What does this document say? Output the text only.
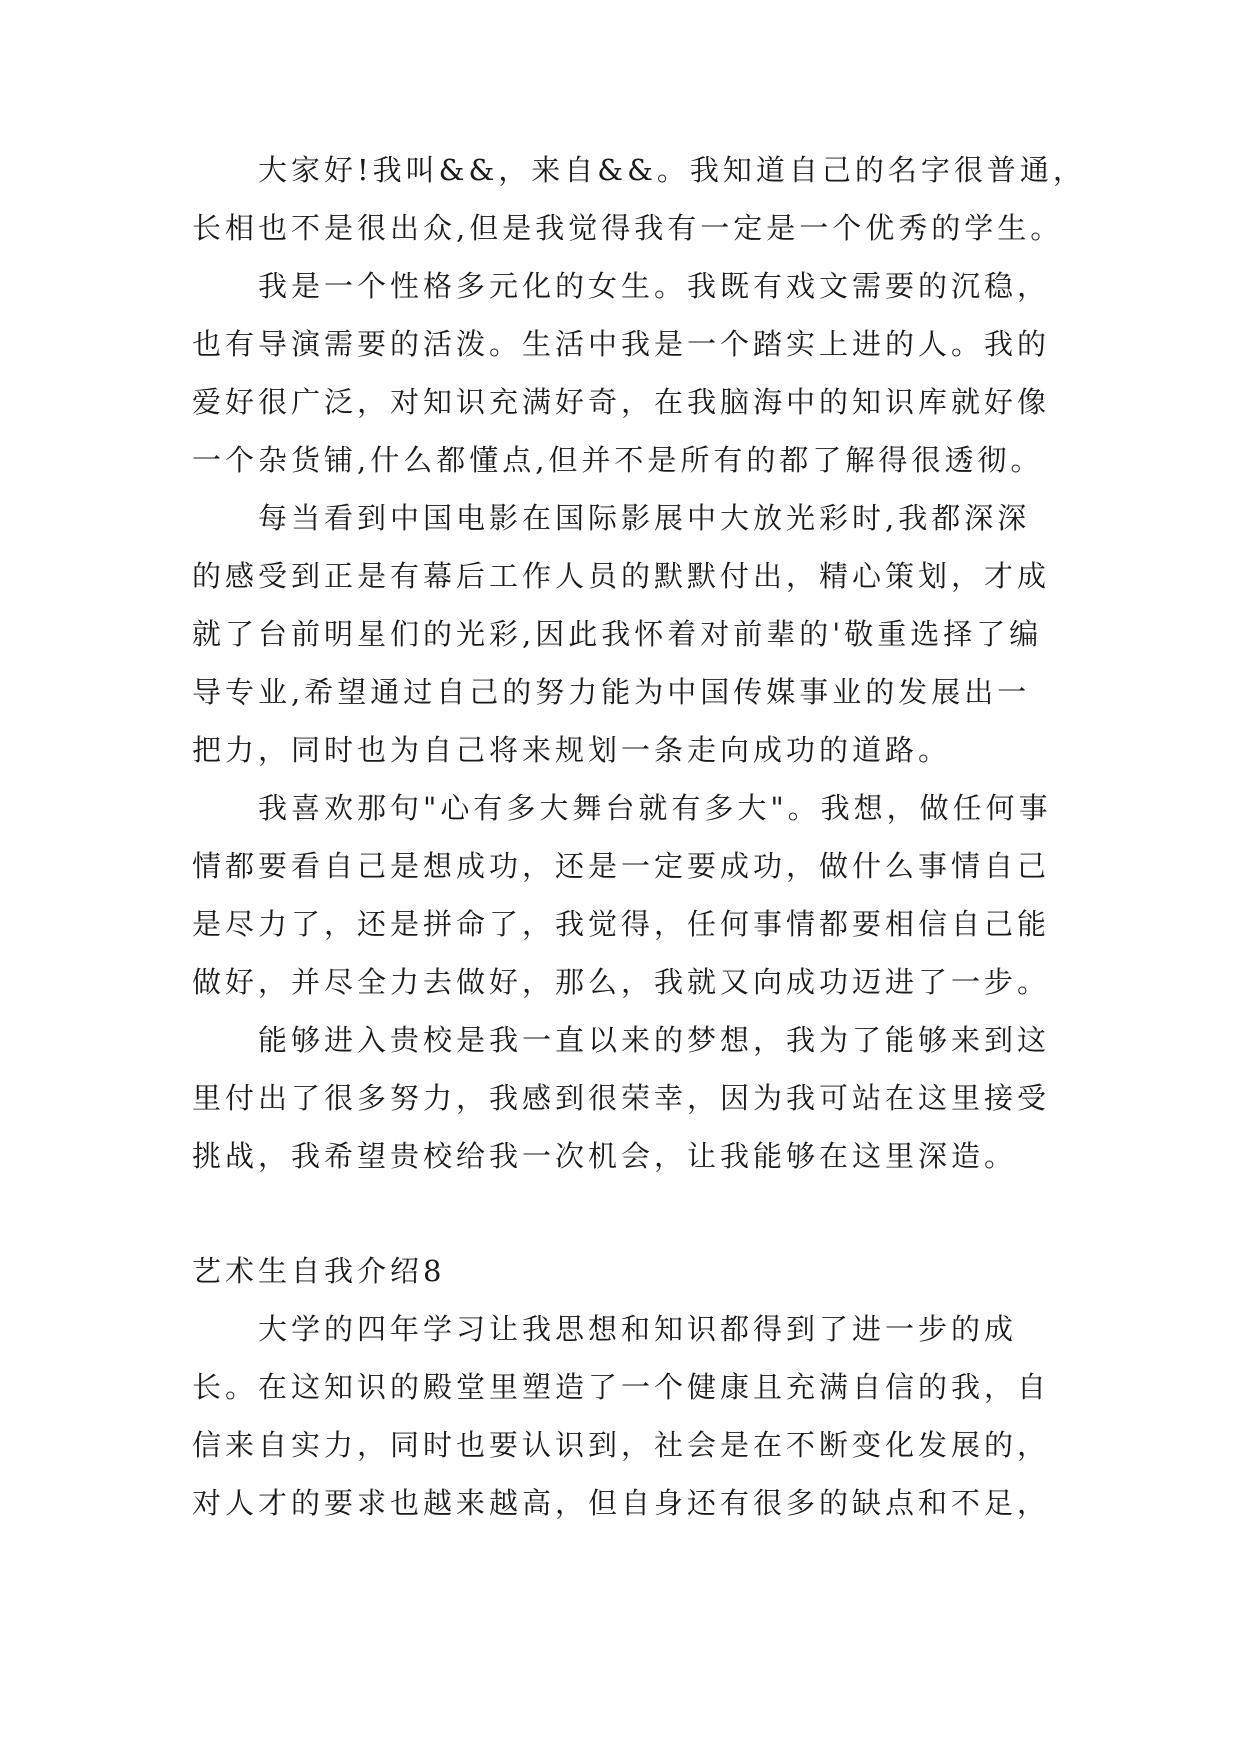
大家好!我叫&&，来自&&。我知道自己的名字很普通，
长相也不是很出众,但是我觉得我有一定是一个优秀的学生。
我是一个性格多元化的女生。我既有戏文需要的沉稳，
也有导演需要的活泼。生活中我是一个踏实上进的人。我的
爱好很广泛，对知识充满好奇，在我脑海中的知识库就好像
一个杂货铺,什么都懂点,但并不是所有的都了解得很透彻。
每当看到中国电影在国际影展中大放光彩时,我都深深
的感受到正是有幕后工作人员的默默付出，精心策划，才成
就了台前明星们的光彩,因此我怀着对前辈的'敬重选择了编
导专业,希望通过自己的努力能为中国传媒事业的发展出一
把力，同时也为自己将来规划一条走向成功的道路。
我喜欢那句"心有多大舞台就有多大"。我想，做任何事
情都要看自己是想成功，还是一定要成功，做什么事情自己
是尽力了，还是拼命了，我觉得，任何事情都要相信自己能
做好，并尽全力去做好，那么，我就又向成功迈进了一步。
能够进入贵校是我一直以来的梦想，我为了能够来到这
里付出了很多努力，我感到很荣幸，因为我可站在这里接受
挑战，我希望贵校给我一次机会，让我能够在这里深造。
艺术生自我介绍8
大学的四年学习让我思想和知识都得到了进一步的成
长。在这知识的殿堂里塑造了一个健康且充满自信的我，自
信来自实力，同时也要认识到，社会是在不断变化发展的，
对人才的要求也越来越高，但自身还有很多的缺点和不足，
